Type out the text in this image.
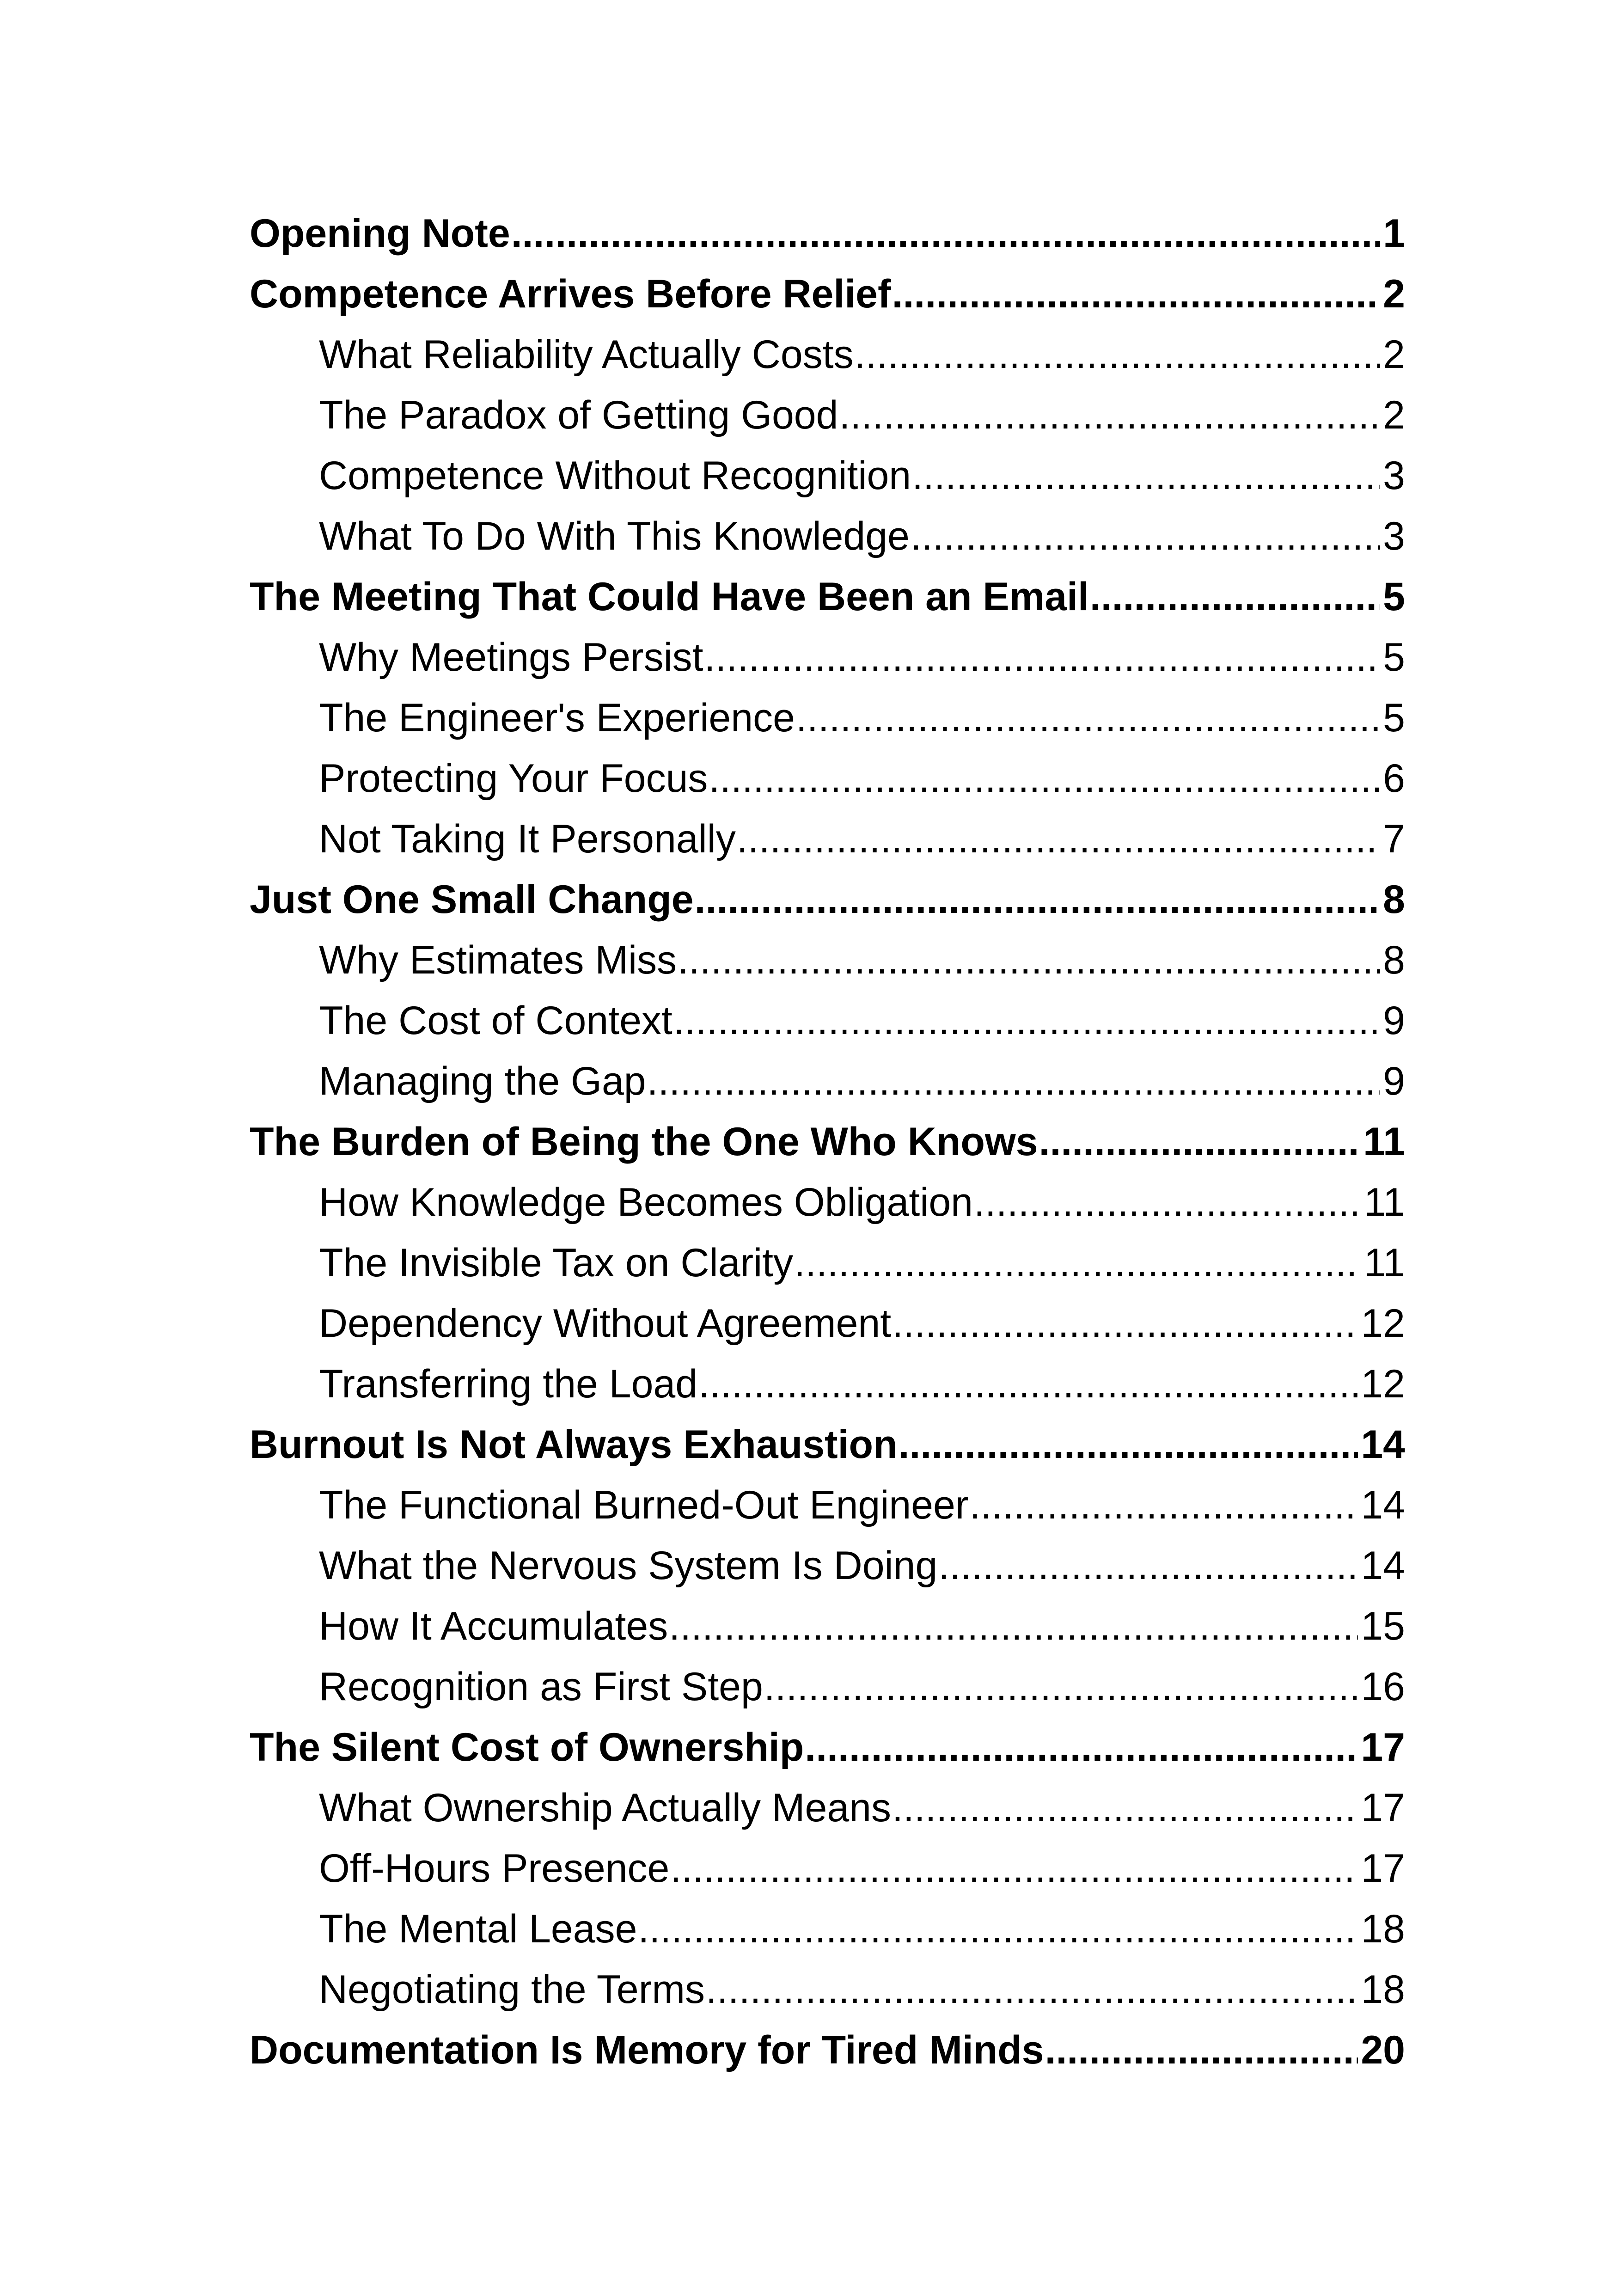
Opening Note .....	1
Competence Arrives Before Relief .....	2
What Reliability Actually Costs .....	2
The Paradox of Getting Good .....	2
Competence Without Recognition .....	3
What To Do With This Knowledge .....	3
The Meeting That Could Have Been an Email .....	5
Why Meetings Persist .....	5
The Engineer's Experience .....	5
Protecting Your Focus .....	6
Not Taking It Personally .....	7
Just One Small Change .....	8
Why Estimates Miss .....	8
The Cost of Context .....	9
Managing the Gap .....	9
The Burden of Being the One Who Knows .....	11
How Knowledge Becomes Obligation .....	11
The Invisible Tax on Clarity .....	11
Dependency Without Agreement .....	12
Transferring the Load .....	12
Burnout Is Not Always Exhaustion .....	14
The Functional Burned-Out Engineer .....	14
What the Nervous System Is Doing .....	14
How It Accumulates .....	15
Recognition as First Step .....	16
The Silent Cost of Ownership .....	17
What Ownership Actually Means .....	17
Off-Hours Presence .....	17
The Mental Lease .....	18
Negotiating the Terms .....	18
Documentation Is Memory for Tired Minds .....	20
